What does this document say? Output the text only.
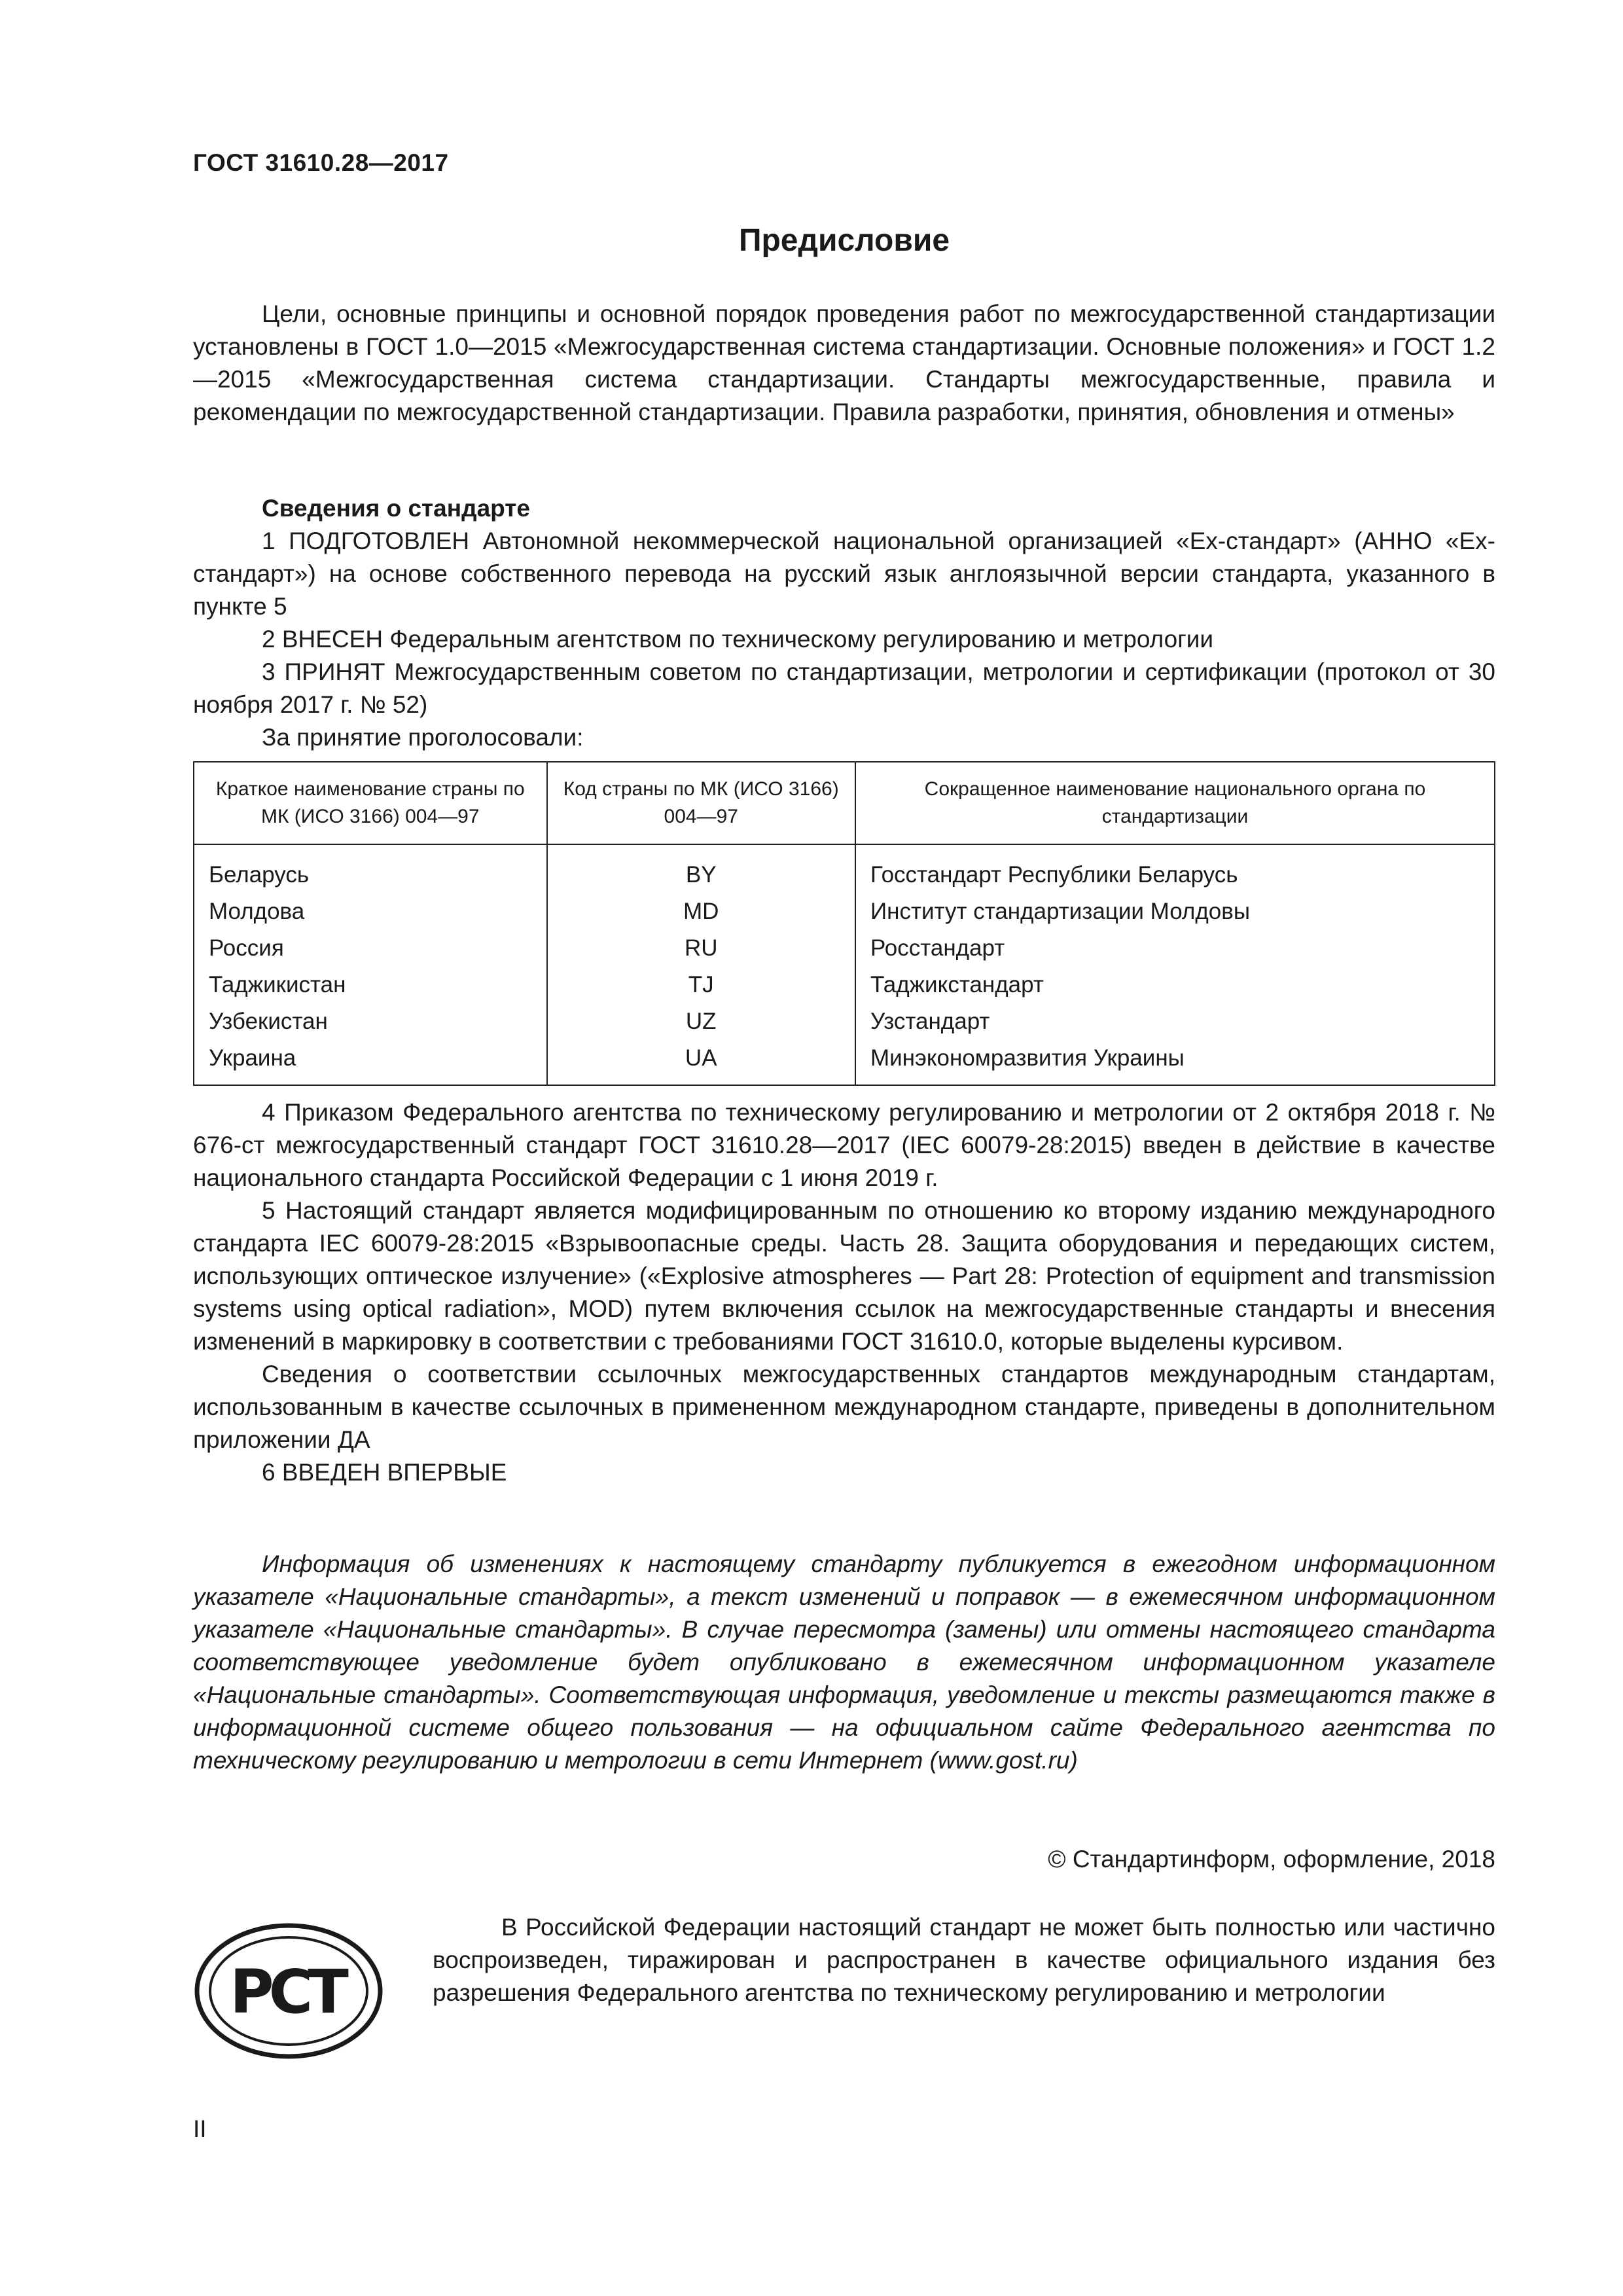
ГОСТ 31610.28—2017
Предисловие

Цели, основные принципы и основной порядок проведения работ по межгосударственной стандартизации установлены в ГОСТ 1.0—2015 «Межгосударственная система стандартизации. Основные положения» и ГОСТ 1.2—2015 «Межгосударственная система стандартизации. Стандарты межгосударственные, правила и рекомендации по межгосударственной стандартизации. Правила разработки, принятия, обновления и отмены»

Сведения о стандарте

1 ПОДГОТОВЛЕН Автономной некоммерческой национальной организацией «Ех-стандарт» (АННО «Ех-стандарт») на основе собственного перевода на русский язык англоязычной версии стандарта, указанного в пункте 5

2 ВНЕСЕН Федеральным агентством по техническому регулированию и метрологии

3 ПРИНЯТ Межгосударственным советом по стандартизации, метрологии и сертификации (протокол от 30 ноября 2017 г. № 52)

За принятие проголосовали:

Краткое наименование страны по МК (ИСО 3166) 004—97	Код страны по МК (ИСО 3166) 004—97	Сокращенное наименование национального органа по стандартизации
Беларусь	BY	Госстандарт Республики Беларусь
Молдова	MD	Институт стандартизации Молдовы
Россия	RU	Росстандарт
Таджикистан	TJ	Таджикстандарт
Узбекистан	UZ	Узстандарт
Украина	UA	Минэкономразвития Украины

4 Приказом Федерального агентства по техническому регулированию и метрологии от 2 октября 2018 г. № 676-ст межгосударственный стандарт ГОСТ 31610.28—2017 (IEC 60079-28:2015) введен в действие в качестве национального стандарта Российской Федерации с 1 июня 2019 г.

5 Настоящий стандарт является модифицированным по отношению ко второму изданию международного стандарта IEC 60079-28:2015 «Взрывоопасные среды. Часть 28. Защита оборудования и передающих систем, использующих оптическое излучение» («Explosive atmospheres — Part 28: Protection of equipment and transmission systems using optical radiation», MOD) путем включения ссылок на межгосударственные стандарты и внесения изменений в маркировку в соответствии с требованиями ГОСТ 31610.0, которые выделены курсивом.

Сведения о соответствии ссылочных межгосударственных стандартов международным стандартам, использованным в качестве ссылочных в примененном международном стандарте, приведены в дополнительном приложении ДА

6 ВВЕДЕН ВПЕРВЫЕ

Информация об изменениях к настоящему стандарту публикуется в ежегодном информационном указателе «Национальные стандарты», а текст изменений и поправок — в ежемесячном информационном указателе «Национальные стандарты». В случае пересмотра (замены) или отмены настоящего стандарта соответствующее уведомление будет опубликовано в ежемесячном информационном указателе «Национальные стандарты». Соответствующая информация, уведомление и тексты размещаются также в информационной системе общего пользования — на официальном сайте Федерального агентства по техническому регулированию и метрологии в сети Интернет (www.gost.ru)

© Стандартинформ, оформление, 2018
РСТ

В Российской Федерации настоящий стандарт не может быть полностью или частично воспроизведен, тиражирован и распространен в качестве официального издания без разрешения Федерального агентства по техническому регулированию и метрологии

II
